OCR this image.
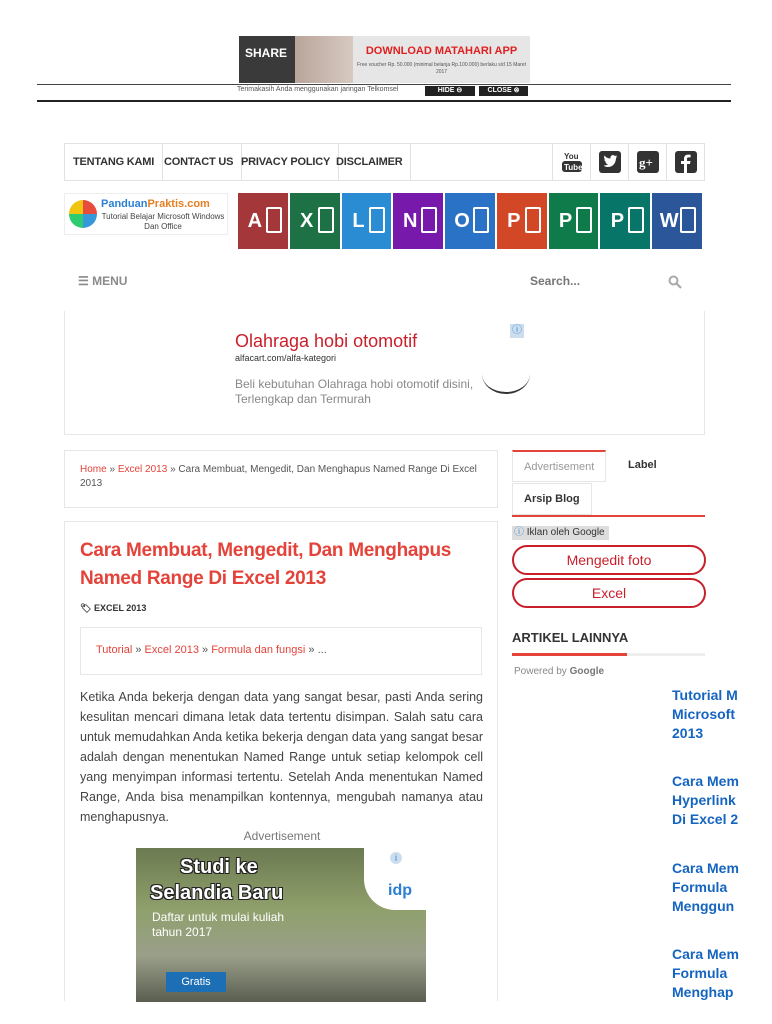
SHARE	DOWNLOAD MATAHARI APP
Free voucher Rp. 50.000 (minimal belanja Rp.100.000) berlaku s/d 15 Maret 2017
Terimakasih Anda menggunakan jaringan Telkomsel	HIDE ⊖	CLOSE ⊗
TENTANG KAMI CONTACT US PRIVACY POLICY DISCLAIMER	You
Tube	g+
PanduanPraktis.com
Tutorial Belajar Microsoft Windows Dan Office	A X L N O P P P W
☰ MENU
Search...
Olahraga hobi otomotif
alfacart.com/alfa-kategori
Beli kebutuhan Olahraga hobi otomotif disini, Terlengkap dan Termurah
ⓘ
Home » Excel 2013 » Cara Membuat, Mengedit, Dan Menghapus Named Range Di Excel 2013
Cara Membuat, Mengedit, Dan Menghapus Named Range Di Excel 2013
🏷 EXCEL 2013
Tutorial » Excel 2013 » Formula dan fungsi » ...
Ketika Anda bekerja dengan data yang sangat besar, pasti Anda sering kesulitan mencari dimana letak data tertentu disimpan. Salah satu cara untuk memudahkan Anda ketika bekerja dengan data yang sangat besar adalah dengan menentukan Named Range untuk setiap kelompok cell yang menyimpan informasi tertentu. Setelah Anda menentukan Named Range, Anda bisa menampilkan kontennya, mengubah namanya atau menghapusnya.
Advertisement
Studi ke
Selandia Baru
Daftar untuk mulai kuliah tahun 2017
i
idp
Gratis
Advertisement	Label
Arsip Blog
ⓘ Iklan oleh Google
Mengedit foto
Excel
ARTIKEL LAINNYA
Powered by Google
Tutorial M
Microsoft
2013
Cara Mem
Hyperlink
Di Excel 2
Cara Mem
Formula
Menggun
Cara Mem
Formula
Menghap
